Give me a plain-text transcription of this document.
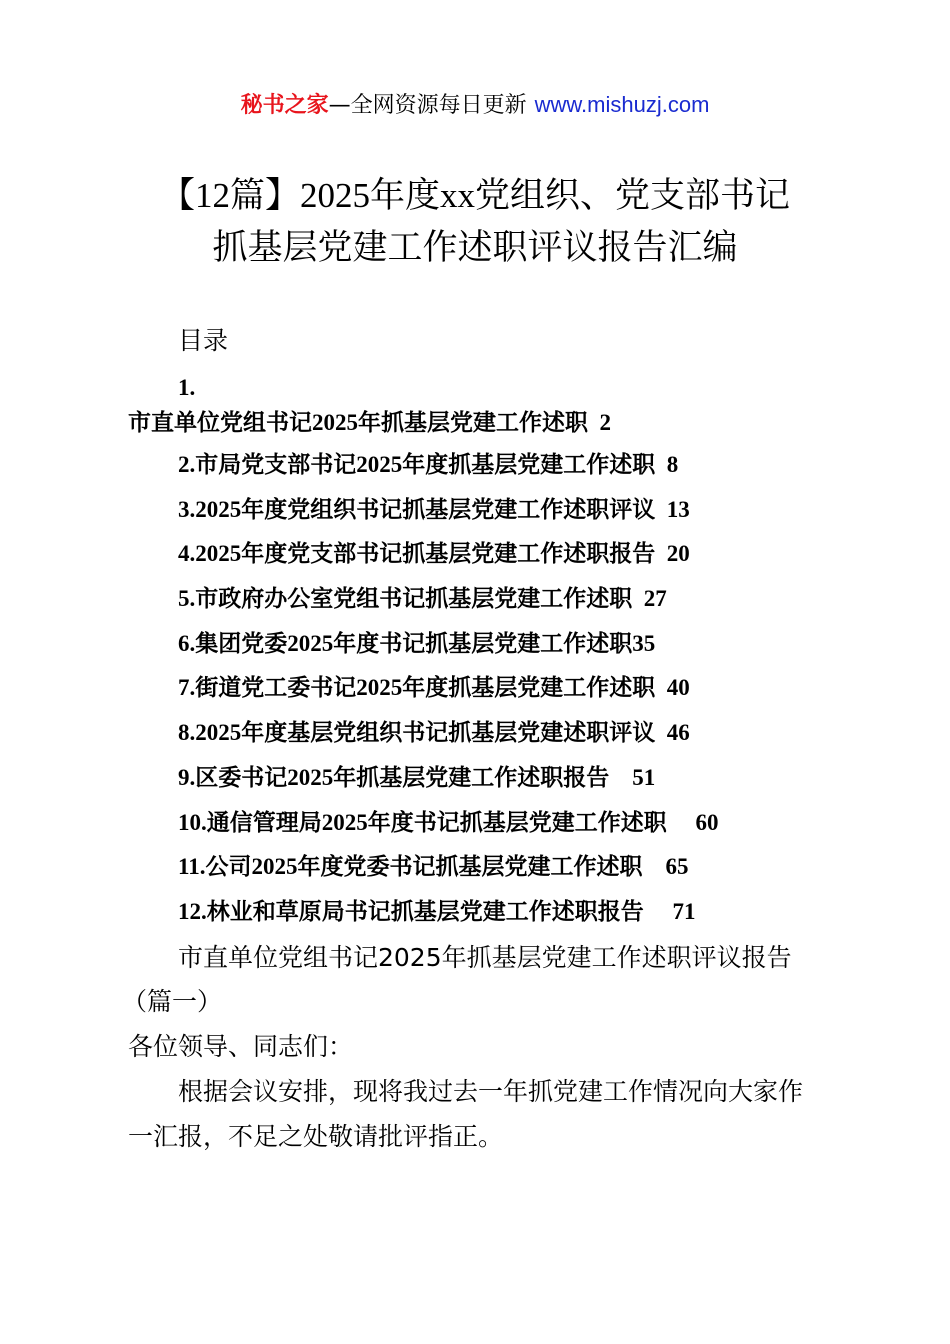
秘书之家—全网资源每日更新 www.mishuzj.com
【12篇】2025年度xx党组织、党支部书记
抓基层党建工作述职评议报告汇编
目录
1.
市直单位党组书记2025年抓基层党建工作述职 2
2.市局党支部书记2025年度抓基层党建工作述职 8
3.2025年度党组织书记抓基层党建工作述职评议 13
4.2025年度党支部书记抓基层党建工作述职报告 20
5.市政府办公室党组书记抓基层党建工作述职 27
6.集团党委2025年度书记抓基层党建工作述职35
7.街道党工委书记2025年度抓基层党建工作述职 40
8.2025年度基层党组织书记抓基层党建述职评议 46
9.区委书记2025年抓基层党建工作述职报告 51
10.通信管理局2025年度书记抓基层党建工作述职 60
11.公司2025年度党委书记抓基层党建工作述职 65
12.林业和草原局书记抓基层党建工作述职报告 71
市直单位党组书记2025年抓基层党建工作述职评议报告
（篇一）
各位领导、同志们：
根据会议安排，现将我过去一年抓党建工作情况向大家作
一汇报，不足之处敬请批评指正。
